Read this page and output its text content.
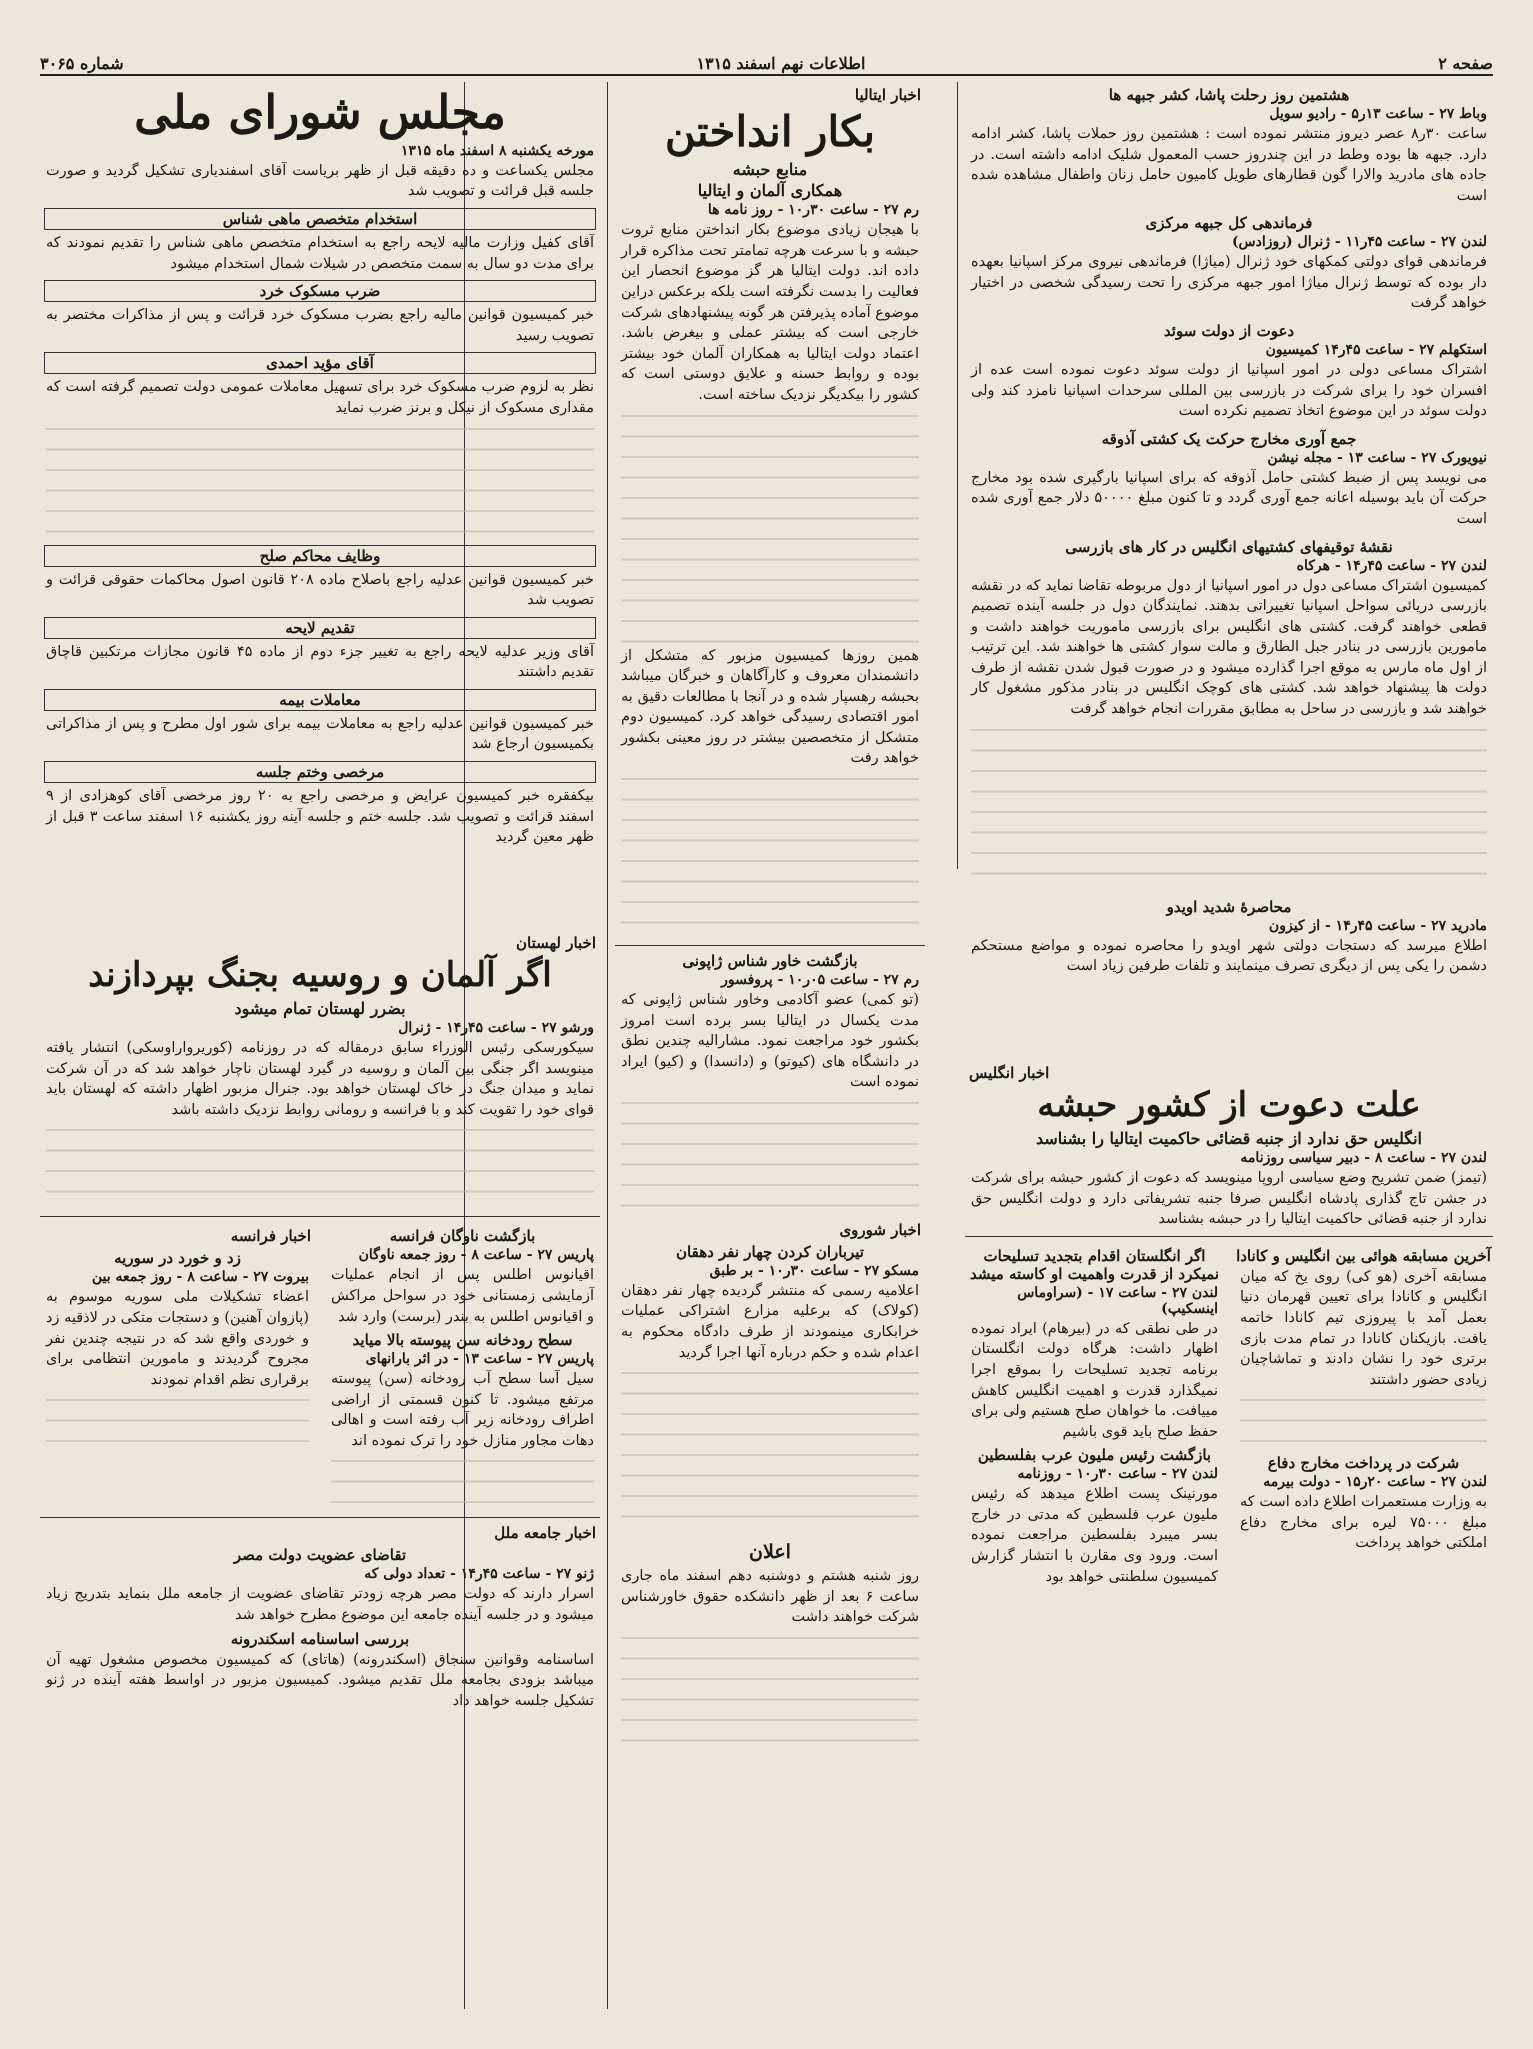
صفحه ۲
اطلاعات نهم اسفند ۱۳۱۵
شماره ۳۰۶۵
هشتمین روز رحلت پاشا، کشر جبهه ها
وباط ۲۷ - ساعت ۱۳ر۵ - رادیو سویل
ساعت ۳۰ر۸ عصر دیروز منتشر نموده است : هشتمین روز حملات پاشا، کشر ادامه دارد. جبهه ها بوده وطط در این چندروز حسب المعمول شلیک ادامه داشته است. در جاده های مادرید والارا گون قطارهای طویل کامیون حامل زنان واطفال مشاهده شده است
فرماندهی کل جبهه مرکزی
لندن ۲۷ - ساعت ۴۵ر۱۱ - ژنرال (روزادس)
فرماندهی قوای دولتی کمکهای خود ژنرال (میاژا) فرماندهی نیروی مرکز اسپانیا بعهده دار بوده که توسط ژنرال میاژا امور جبهه مرکزی را تحت رسیدگی شخصی در اختیار خواهد گرفت
دعوت از دولت سوئد
استکهلم ۲۷ - ساعت ۴۵ر۱۴ کمیسیون
اشتراک مساعی دولی در امور اسپانیا از دولت سوئد دعوت نموده است عده از افسران خود را برای شرکت در بازرسی بین المللی سرحدات اسپانیا نامزد کند ولی دولت سوئد در این موضوع اتخاذ تصمیم نکرده است
جمع آوری مخارج حرکت یک کشتی آذوقه
نیویورک ۲۷ - ساعت ۱۳ - مجله نیشن
می نویسد پس از ضبط کشتی حامل آذوقه که برای اسپانیا بارگیری شده بود مخارج حرکت آن باید بوسیله اعانه جمع آوری گردد و تا کنون مبلغ ۵۰۰۰۰ دلار جمع آوری شده است
نقشهٔ توقیفهای کشتیهای انگلیس در کار های بازرسی
لندن ۲۷ - ساعت ۴۵ر۱۴ - هرکاه
کمیسیون اشتراک مساعی دول در امور اسپانیا از دول مربوطه تقاضا نماید که در نقشه بازرسی دریائی سواحل اسپانیا تغییراتی بدهند. نمایندگان دول در جلسه آینده تصمیم قطعی خواهند گرفت. کشتی های انگلیس برای بازرسی ماموریت خواهند داشت و مامورین بازرسی در بنادر جبل الطارق و مالت سوار کشتی ها خواهند شد. این ترتیب از اول ماه مارس به موقع اجرا گذارده میشود و در صورت قبول شدن نقشه از طرف دولت ها پیشنهاد خواهد شد. کشتی های کوچک انگلیس در بنادر مذکور مشغول کار خواهند شد و بازرسی در ساحل به مطابق مقررات انجام خواهد گرفت
محاصرهٔ شدید اویدو
مادرید ۲۷ - ساعت ۴۵ر۱۴ - از کیزون
اطلاع میرسد که دستجات دولتی شهر اویدو را محاصره نموده و مواضع مستحکم دشمن را یکی پس از دیگری تصرف مینمایند و تلفات طرفین زیاد است
اخبار ایتالیا
بکار انداختن
منابع حبشه
همکاری آلمان و ایتالیا
رم ۲۷ - ساعت ۳۰ر۱۰ - روز نامه ها
با هیجان زیادی موضوع بکار انداختن منابع ثروت حبشه و با سرعت هرچه تمامتر تحت مذاکره قرار داده اند. دولت ایتالیا هر گز موضوع انحصار این فعالیت را بدست نگرفته است بلکه برعکس دراین موضوع آماده پذیرفتن هر گونه پیشنهادهای شرکت خارجی است که بیشتر عملی و بیغرض باشد. اعتماد دولت ایتالیا به همکاران آلمان خود بیشتر بوده و روابط حسنه و علایق دوستی است که کشور را بیکدیگر نزدیک ساخته است.
همین روزها کمیسیون مزبور که متشکل از دانشمندان معروف و کارآگاهان و خبرگان میباشد بحبشه رهسپار شده و در آنجا با مطالعات دقیق به امور اقتصادی رسیدگی خواهد کرد. کمیسیون دوم متشکل از متخصصین بیشتر در روز معینی بکشور خواهد رفت
بازگشت خاور شناس ژاپونی
رم ۲۷ - ساعت ۰۵ر۱۰ - پروفسور
(تو کمی) عضو آکادمی وخاور شناس ژاپونی که مدت یکسال در ایتالیا بسر برده است امروز بکشور خود مراجعت نمود. مشارالیه چندین نطق در دانشگاه های (کیوتو) و (دانسدا) و (کیو) ایراد نموده است
اخبار شوروی
تیرباران کردن چهار نفر دهقان
مسکو ۲۷ - ساعت ۳۰ر۱۰ - بر طبق
اعلامیه رسمی که منتشر گردیده چهار نفر دهقان (کولاک) که برعلیه مزارع اشتراکی عملیات خرابکاری مینمودند از طرف دادگاه محکوم به اعدام شده و حکم درباره آنها اجرا گردید
اعلان
روز شنبه هشتم و دوشنبه دهم اسفند ماه جاری ساعت ۶ بعد از ظهر دانشکده حقوق خاورشناس شرکت خواهند داشت
مجلس شورای ملی
مورخه یکشنبه ۸ اسفند ماه ۱۳۱۵
مجلس یکساعت و ده دقیقه قبل از ظهر بریاست آقای اسفندیاری تشکیل گردید و صورت جلسه قبل قرائت و تصویب شد
استخدام متخصص ماهی شناس
آقای کفیل وزارت مالیه لایحه راجع به استخدام متخصص ماهی شناس را تقدیم نمودند که برای مدت دو سال به سمت متخصص در شیلات شمال استخدام میشود
ضرب مسکوک خرد
خبر کمیسیون قوانین مالیه راجع بضرب مسکوک خرد قرائت و پس از مذاکرات مختصر به تصویب رسید
آقای مؤید احمدی
نظر به لزوم ضرب مسکوک خرد برای تسهیل معاملات عمومی دولت تصمیم گرفته است که مقداری مسکوک از نیکل و برنز ضرب نماید
وظایف محاکم صلح
خبر کمیسیون قوانین عدلیه راجع باصلاح ماده ۲۰۸ قانون اصول محاکمات حقوقی قرائت و تصویب شد
تقدیم لایحه
آقای وزیر عدلیه لایحه راجع به تغییر جزء دوم از ماده ۴۵ قانون مجازات مرتکبین قاچاق تقدیم داشتند
معاملات بیمه
خبر کمیسیون قوانین عدلیه راجع به معاملات بیمه برای شور اول مطرح و پس از مذاکراتی بکمیسیون ارجاع شد
مرخصی وختم جلسه
بیکفقره خبر کمیسیون عرایض و مرخصی راجع به ۲۰ روز مرخصی آقای کوهزادی از ۹ اسفند قرائت و تصویب شد. جلسه ختم و جلسه آینه روز یکشنبه ۱۶ اسفند ساعت ۳ قبل از ظهر معین گردید
اخبار لهستان
اگر آلمان و روسیه بجنگ بپردازند
بضرر لهستان تمام میشود
ورشو ۲۷ - ساعت ۴۵ر۱۴ - ژنرال
سیکورسکی رئیس الوزراء سابق درمقاله که در روزنامه (کوریرواراوسکی) انتشار یافته مینویسد اگر جنگی بین آلمان و روسیه در گیرد لهستان ناچار خواهد شد که در آن شرکت نماید و میدان جنگ در خاک لهستان خواهد بود. جنرال مزبور اظهار داشته که لهستان باید قوای خود را تقویت کند و با فرانسه و رومانی روابط نزدیک داشته باشد
بازگشت ناوگان فرانسه
پاریس ۲۷ - ساعت ۸ - روز جمعه ناوگان
اقیانوس اطلس پس از انجام عملیات آزمایشی زمستانی خود در سواحل مراکش و اقیانوس اطلس به بندر (برست) وارد شد
سطح رودخانه سن پیوسته بالا میاید
پاریس ۲۷ - ساعت ۱۳ - در اثر بارانهای
سیل آسا سطح آب رودخانه (سن) پیوسته مرتفع میشود. تا کنون قسمتی از اراضی اطراف رودخانه زیر آب رفته است و اهالی دهات مجاور منازل خود را ترک نموده اند
اخبار فرانسه
زد و خورد در سوریه
بیروت ۲۷ - ساعت ۸ - روز جمعه بین
اعضاء تشکیلات ملی سوریه موسوم به (پازوان آهنین) و دستجات متکی در لاذقیه زد و خوردی واقع شد که در نتیجه چندین نفر مجروح گردیدند و مامورین انتظامی برای برقراری نظم اقدام نمودند
اخبار جامعه ملل
تقاضای عضویت دولت مصر
ژنو ۲۷ - ساعت ۴۵ر۱۴ - تعداد دولی که
اسرار دارند که دولت مصر هرچه زودتر تقاضای عضویت از جامعه ملل بنماید بتدریج زیاد میشود و در جلسه آینده جامعه این موضوع مطرح خواهد شد
بررسی اساسنامه اسکندرونه
اساسنامه وقوانین سنجاق (اسکندرونه) (هاتاى) که کمیسیون مخصوص مشغول تهیه آن میباشد بزودی بجامعه ملل تقدیم میشود. کمیسیون مزبور در اواسط هفته آینده در ژنو تشکیل جلسه خواهد داد
اخبار انگلیس
علت دعوت از کشور حبشه
انگلیس حق ندارد از جنبه قضائی حاکمیت ایتالیا را بشناسد
لندن ۲۷ - ساعت ۸ - دبیر سیاسی روزنامه
(تیمز) ضمن تشریح وضع سیاسی اروپا مینویسد که دعوت از کشور حبشه برای شرکت در جشن تاج گذاری پادشاه انگلیس صرفا جنبه تشریفاتی دارد و دولت انگلیس حق ندارد از جنبه قضائی حاکمیت ایتالیا را در حبشه بشناسد
آخرین مسابقه هوائی بین انگلیس و کانادا
مسابقه آخری (هو کی) روی یخ که میان انگلیس و کانادا برای تعیین قهرمان دنیا بعمل آمد با پیروزی تیم کانادا خاتمه یافت. بازیکنان کانادا در تمام مدت بازی برتری خود را نشان دادند و تماشاچیان زیادی حضور داشتند
شرکت در پرداخت مخارج دفاع
لندن ۲۷ - ساعت ۲۰ر۱۵ - دولت بیرمه
به وزارت مستعمرات اطلاع داده است که مبلغ ۷۵۰۰۰ لیره برای مخارج دفاع املکتی خواهد پرداخت
اگر انگلستان اقدام بتجدید تسلیحات نمیکرد از قدرت واهمیت او کاسته میشد
لندن ۲۷ - ساعت ۱۷ - (سراوماس اینسکیپ)
در طی نطقی که در (بیرهام) ایراد نموده اظهار داشت: هرگاه دولت انگلستان برنامه تجدید تسلیحات را بموقع اجرا نمیگذارد قدرت و اهمیت انگلیس کاهش مییافت. ما خواهان صلح هستیم ولی برای حفظ صلح باید قوی باشیم
بازگشت رئیس ملیون عرب بفلسطین
لندن ۲۷ - ساعت ۳۰ر۱۰ - روزنامه
مورنینک پست اطلاع میدهد که رئیس ملیون عرب فلسطین که مدتی در خارج بسر میبرد بفلسطین مراجعت نموده است. ورود وی مقارن با انتشار گزارش کمیسیون سلطنتی خواهد بود
